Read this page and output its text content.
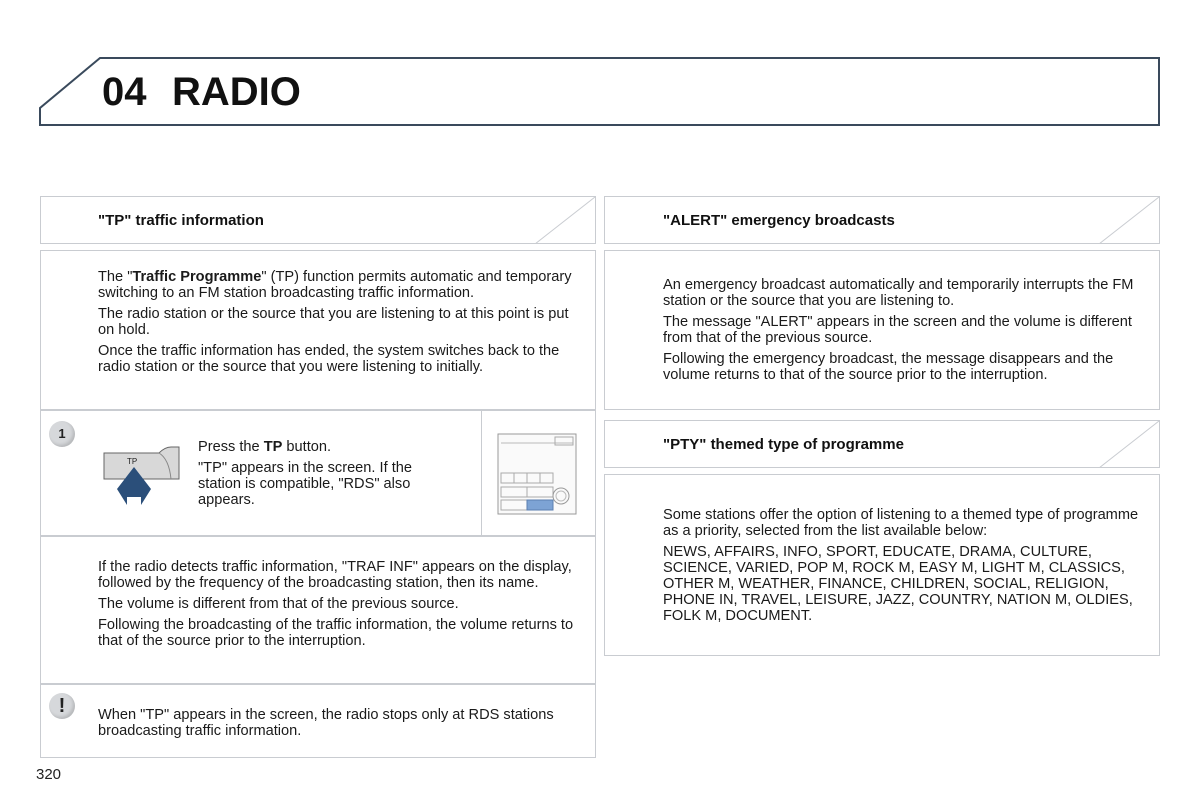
04 RADIO
"TP" traffic information

The "Traffic Programme" (TP) function permits automatic and temporary switching to an FM station broadcasting traffic information.

The radio station or the source that you are listening to at this point is put on hold.

Once the traffic information has ended, the system switches back to the radio station or the source that you were listening to initially.

1
TP

Press the TP button.

"TP" appears in the screen. If the station is compatible, "RDS" also appears.

If the radio detects traffic information, "TRAF INF" appears on the display, followed by the frequency of the broadcasting station, then its name.

The volume is different from that of the previous source.

Following the broadcasting of the traffic information, the volume returns to that of the source prior to the interruption.

!	When "TP" appears in the screen, the radio stops only at RDS stations broadcasting traffic information.

"ALERT" emergency broadcasts

An emergency broadcast automatically and temporarily interrupts the FM station or the source that you are listening to.

The message "ALERT" appears in the screen and the volume is different from that of the previous source.

Following the emergency broadcast, the message disappears and the volume returns to that of the source prior to the interruption.

"PTY" themed type of programme

Some stations offer the option of listening to a themed type of programme as a priority, selected from the list available below:

NEWS, AFFAIRS, INFO, SPORT, EDUCATE, DRAMA, CULTURE, SCIENCE, VARIED, POP M, ROCK M, EASY M, LIGHT M, CLASSICS, OTHER M, WEATHER, FINANCE, CHILDREN, SOCIAL, RELIGION, PHONE IN, TRAVEL, LEISURE, JAZZ, COUNTRY, NATION M, OLDIES, FOLK M, DOCUMENT.

320
